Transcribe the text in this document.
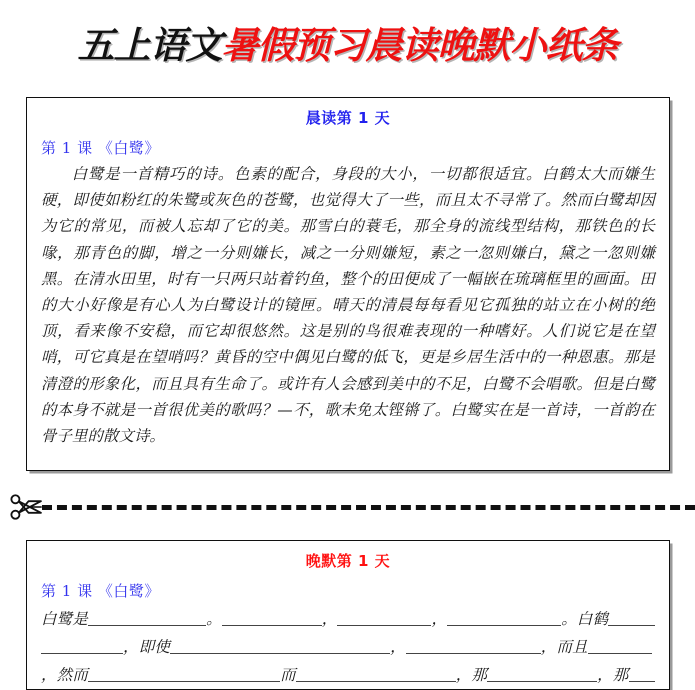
五上语文暑假预习晨读晚默小纸条
晨读第 1 天
第 1 课 《白鹭》

白鹭是一首精巧的诗。色素的配合，身段的大小，一切都很适宜。白鹤太大而嫌生硬，即使如粉红的朱鹭或灰色的苍鹭，也觉得大了一些，而且太不寻常了。然而白鹭却因为它的常见，而被人忘却了它的美。那雪白的蓑毛，那全身的流线型结构，那铁色的长喙，那青色的脚，增之一分则嫌长，减之一分则嫌短，素之一忽则嫌白，黛之一忽则嫌黑。在清水田里，时有一只两只站着钓鱼，整个的田便成了一幅嵌在琉璃框里的画面。田的大小好像是有心人为白鹭设计的镜匣。晴天的清晨每每看见它孤独的站立在小树的绝顶，看来像不安稳，而它却很悠然。这是别的鸟很难表现的一种嗜好。人们说它是在望哨，可它真是在望哨吗？黄昏的空中偶见白鹭的低飞，更是乡居生活中的一种恩惠。那是清澄的形象化，而且具有生命了。或许有人会感到美中的不足，白鹭不会唱歌。但是白鹭的本身不就是一首很优美的歌吗？—不，歌未免太铿锵了。白鹭实在是一首诗，一首韵在骨子里的散文诗。

晚默第 1 天
第 1 课 《白鹭》
白鹭是	。	，	，	。白鹤
，即使	，	，而且
，然而	而	，那	，那
